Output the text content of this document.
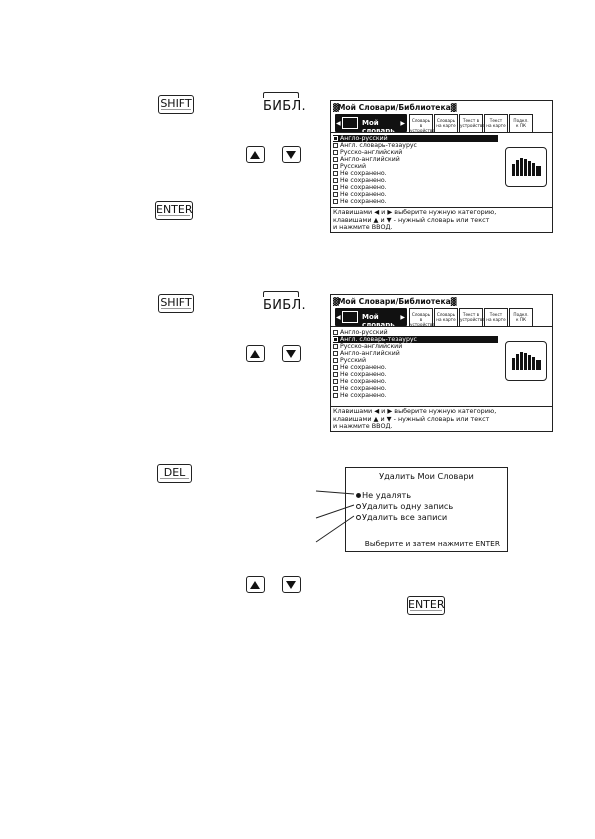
SHIFT	БИБЛ.
ENTER
▓Мой Словари/Библиотека▓
◀	Мой словарь
▶	Словарь в
устройстве
Словарь
на карте
Текст в
устройстве
Текст
на карте
Подкл.
к ПК
Англо-русский
Англ. словарь-тезаурус
Русско-английский
Англо-английский
Русский
Не сохранено.
Не сохранено.
Не сохранено.
Не сохранено.
Не сохранено.
Клавишами ◀ и ▶ выберите нужную категорию,
клавишами ▲ и ▼ - нужный словарь или текст
и нажмите ВВОД.
SHIFT	БИБЛ.	▓Мой Словари/Библиотека▓
◀	Мой словарь
▶	Словарь в
устройстве
Словарь
на карте
Текст в
устройстве
Текст
на карте
Подкл.
к ПК
Англо-русский
Англ. словарь-тезаурус
Русско-английский
Англо-английский
Русский
Не сохранено.
Не сохранено.
Не сохранено.
Не сохранено.
Не сохранено.
Клавишами ◀ и ▶ выберите нужную категорию,
клавишами ▲ и ▼ - нужный словарь или текст
и нажмите ВВОД.
DEL	Удалить Мои Словари
Не удалять
Удалить одну запись
Удалить все записи
Выберите и затем нажмите ENTER
ENTER
